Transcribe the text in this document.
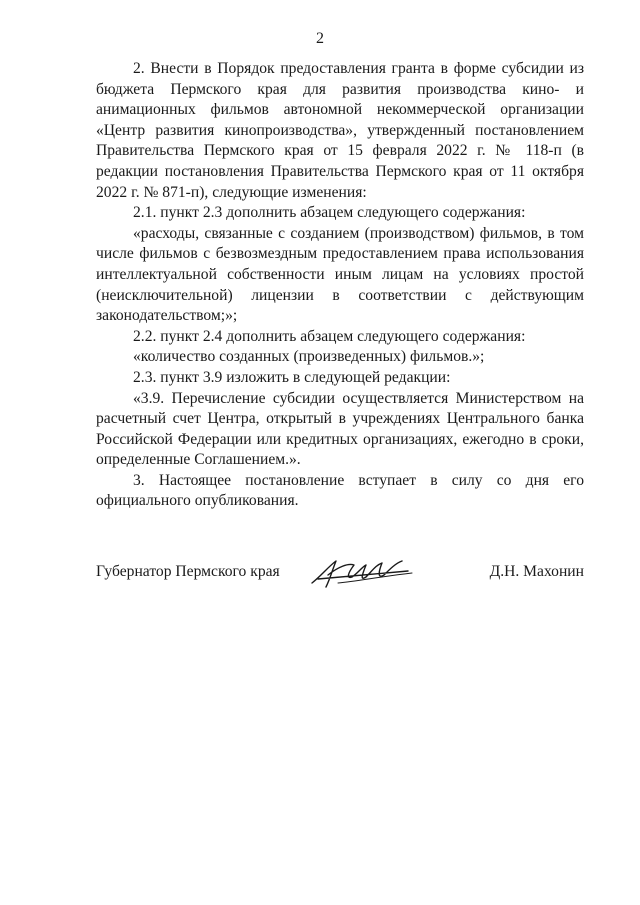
2

2. Внести в Порядок предоставления гранта в форме субсидии из бюджета Пермского края для развития производства кино- и анимационных фильмов автономной некоммерческой организации «Центр развития кинопроизводства», утвержденный постановлением Правительства Пермского края от 15 февраля 2022 г. № 118-п (в редакции постановления Правительства Пермского края от 11 октября 2022 г. № 871-п), следующие изменения:

2.1. пункт 2.3 дополнить абзацем следующего содержания:

«расходы, связанные с созданием (производством) фильмов, в том числе фильмов с безвозмездным предоставлением права использования интеллектуальной собственности иным лицам на условиях простой (неисключительной) лицензии в соответствии с действующим законодательством;»;

2.2. пункт 2.4 дополнить абзацем следующего содержания:

«количество созданных (произведенных) фильмов.»;

2.3. пункт 3.9 изложить в следующей редакции:

«3.9. Перечисление субсидии осуществляется Министерством на расчетный счет Центра, открытый в учреждениях Центрального банка Российской Федерации или кредитных организациях, ежегодно в сроки, определенные Соглашением.».

3. Настоящее постановление вступает в силу со дня его официального опубликования.

Губернатор Пермского края	Д.Н. Махонин
